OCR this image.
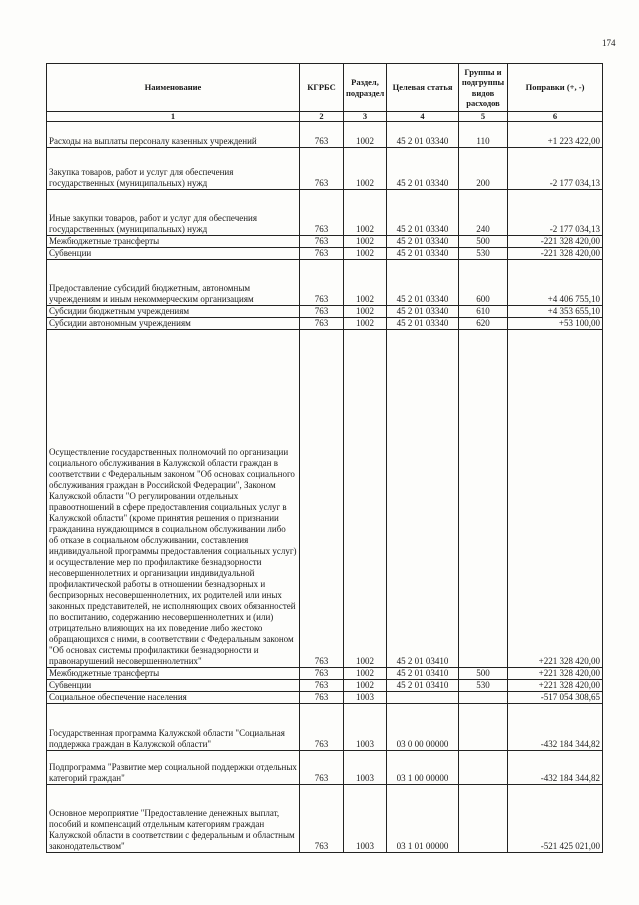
174
Наименование	КГРБС	Раздел, подраздел	Целевая статья	Группы и подгруппы видов расходов	Поправки (+, -)
1	2	3	4	5	6
Расходы на выплаты персоналу казенных учреждений	763	1002	45 2 01 03340	110	+1 223 422,00
Закупка товаров, работ и услуг для обеспечения государственных (муниципальных) нужд	763	1002	45 2 01 03340	200	-2 177 034,13
Иные закупки товаров, работ и услуг для обеспечения государственных (муниципальных) нужд	763	1002	45 2 01 03340	240	-2 177 034,13
Межбюджетные трансферты	763	1002	45 2 01 03340	500	-221 328 420,00
Субвенции	763	1002	45 2 01 03340	530	-221 328 420,00
Предоставление субсидий бюджетным, автономным учреждениям и иным некоммерческим организациям	763	1002	45 2 01 03340	600	+4 406 755,10
Субсидии бюджетным учреждениям	763	1002	45 2 01 03340	610	+4 353 655,10
Субсидии автономным учреждениям	763	1002	45 2 01 03340	620	+53 100,00
Осуществление государственных полномочий по организации социального обслуживания в Калужской области граждан в соответствии с Федеральным законом "Об основах социального обслуживания граждан в Российской Федерации", Законом Калужской области "О регулировании отдельных правоотношений в сфере предоставления социальных услуг в Калужской области" (кроме принятия решения о признании гражданина нуждающимся в социальном обслуживании либо об отказе в социальном обслуживании, составления индивидуальной программы предоставления социальных услуг) и осуществление мер по профилактике безнадзорности несовершеннолетних и организации индивидуальной профилактической работы в отношении безнадзорных и беспризорных несовершеннолетних, их родителей или иных законных представителей, не исполняющих своих обязанностей по воспитанию, содержанию несовершеннолетних и (или) отрицательно влияющих на их поведение либо жестоко обращающихся с ними, в соответствии с Федеральным законом "Об основах системы профилактики безнадзорности и правонарушений несовершеннолетних"	763	1002	45 2 01 03410		+221 328 420,00
Межбюджетные трансферты	763	1002	45 2 01 03410	500	+221 328 420,00
Субвенции	763	1002	45 2 01 03410	530	+221 328 420,00
Социальное обеспечение населения	763	1003			-517 054 308,65
Государственная программа Калужской области "Социальная поддержка граждан в Калужской области"	763	1003	03 0 00 00000		-432 184 344,82
Подпрограмма "Развитие мер социальной поддержки отдельных категорий граждан"	763	1003	03 1 00 00000		-432 184 344,82
Основное мероприятие "Предоставление денежных выплат, пособий и компенсаций отдельным категориям граждан Калужской области в соответствии с федеральным и областным законодательством"	763	1003	03 1 01 00000		-521 425 021,00
